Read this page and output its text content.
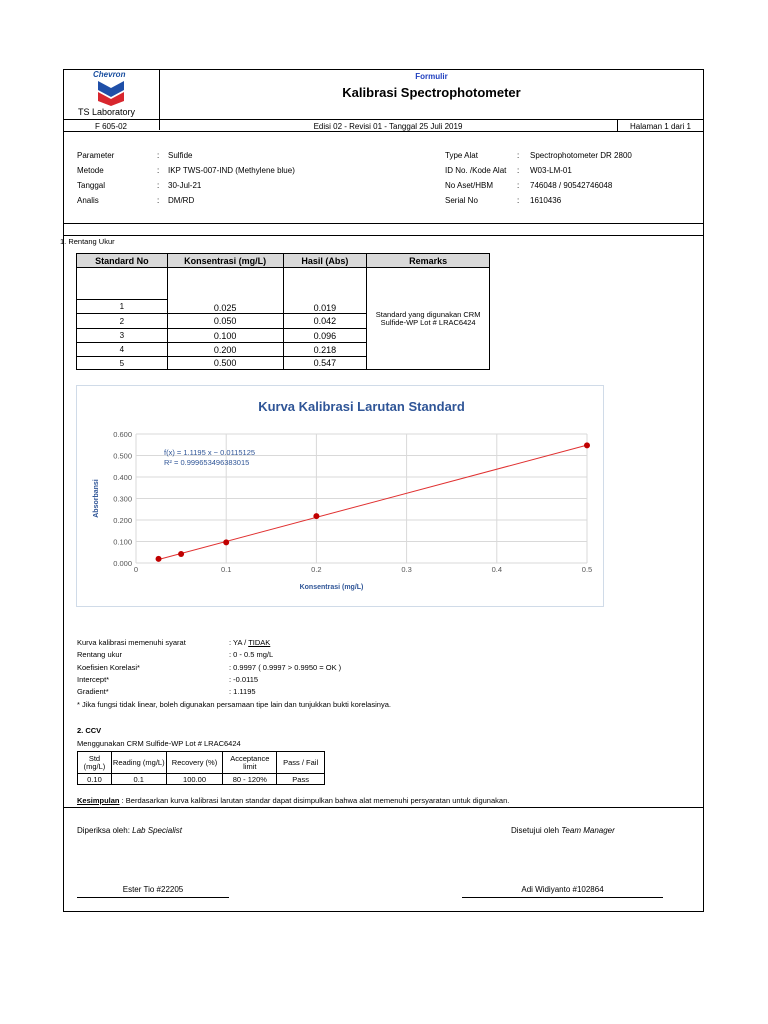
Chevron
TS Laboratory
Formulir
Kalibrasi Spectrophotometer
F 605-02	Edisi 02 - Revisi 01 - Tanggal 25 Juli 2019	Halaman 1 dari 1
Parameter	: Sulfide
Metode	: IKP TWS-007-IND (Methylene blue)
Tanggal	: 30-Jul-21
Analis	: DM/RD
Type Alat	: Spectrophotometer DR 2800
ID No. /Kode Alat : W03-LM-01
No Aset/HBM	: 746048 / 90542746048
Serial No	: 1610436
1. Rentang Ukur
Standard No	Konsentrasi (mg/L)	Hasil (Abs)	Remarks
			Standard yang digunakan CRM Sulfide-WP Lot # LRAC6424
1	0.025	0.019	
2	0.050	0.042	
3	0.100	0.096	
4	0.200	0.218	
5	0.500	0.547	
0.000
0.100
0.200
0.300
0.400
0.500
0.600
0	0.1	0.2	0.3	0.4	0.5
Kurva Kalibrasi Larutan Standard
f(x) = 1.1195 x − 0.0115125
R² = 0.999653496383015
Konsentrasi (mg/L)
Absorbansi
Kurva kalibrasi memenuhi syarat	: YA / TIDAK
Rentang ukur	: 0 - 0.5 mg/L
Koefisien Korelasi*	: 0.9997 ( 0.9997 > 0.9950 = OK )
Intercept*	: -0.0115
Gradient*	: 1.1195
* Jika fungsi tidak linear, boleh digunakan persamaan tipe lain dan tunjukkan bukti korelasinya.
2. CCV
Menggunakan CRM Sulfide-WP Lot # LRAC6424
Std (mg/L)	Reading (mg/L)	Recovery (%)	Acceptance limit	Pass / Fail
0.10	0.1	100.00	80 - 120%	Pass
Kesimpulan : Berdasarkan kurva kalibrasi larutan standar dapat disimpulkan bahwa alat memenuhi persyaratan untuk digunakan.
Diperiksa oleh: Lab Specialist	Disetujui oleh Team Manager
Ester Tio #22205	Adi Widiyanto #102864
